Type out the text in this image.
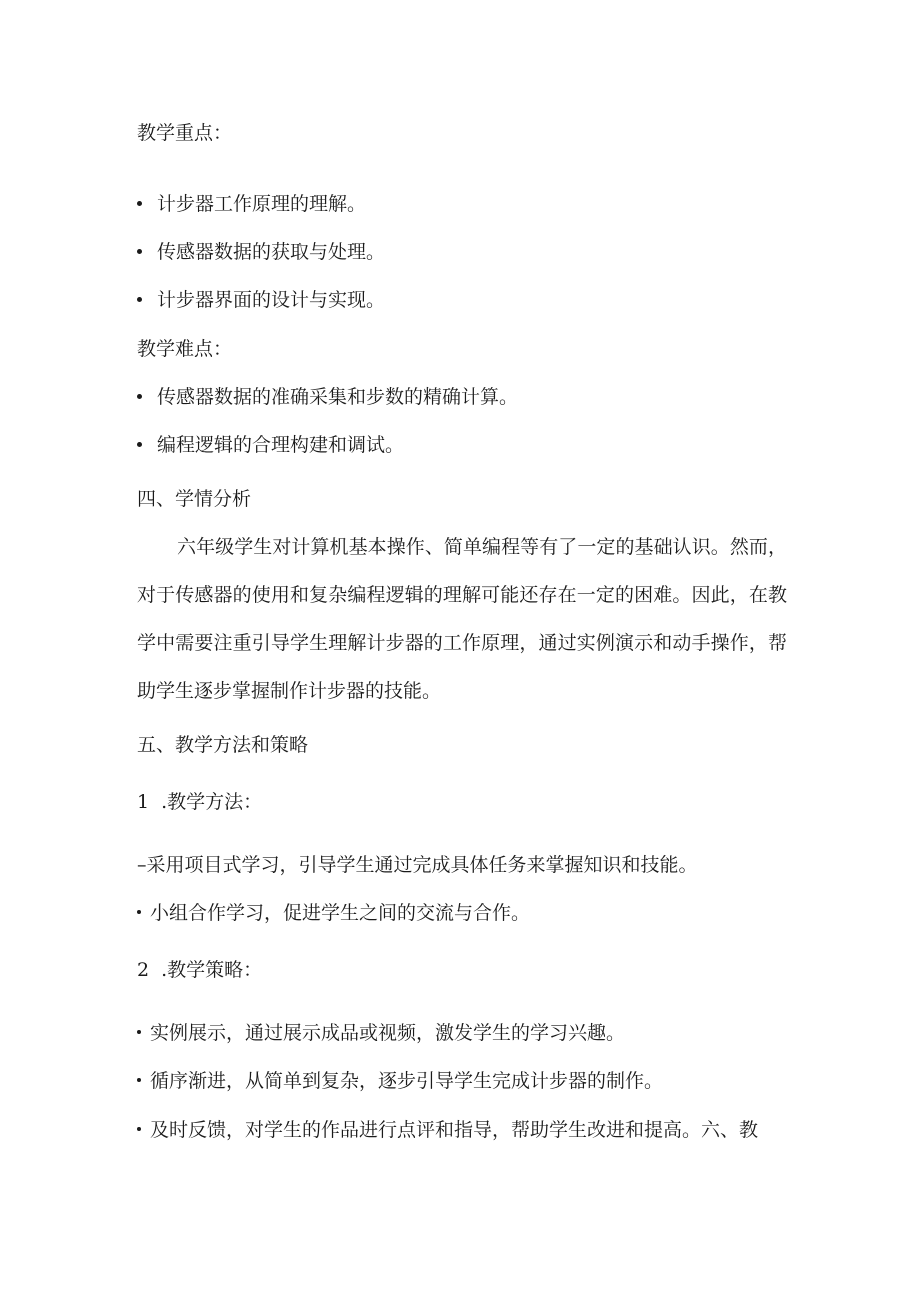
教学重点：
计步器工作原理的理解。
传感器数据的获取与处理。
计步器界面的设计与实现。
教学难点：
传感器数据的准确采集和步数的精确计算。
编程逻辑的合理构建和调试。
四、学情分析
六年级学生对计算机基本操作、简单编程等有了一定的基础认识。然而，对于传感器的使用和复杂编程逻辑的理解可能还存在一定的困难。因此，在教学中需要注重引导学生理解计步器的工作原理，通过实例演示和动手操作，帮助学生逐步掌握制作计步器的技能。
五、教学方法和策略
1 .教学方法：
–采用项目式学习，引导学生通过完成具体任务来掌握知识和技能。
小组合作学习，促进学生之间的交流与合作。
2 .教学策略：
实例展示，通过展示成品或视频，激发学生的学习兴趣。
循序渐进，从简单到复杂，逐步引导学生完成计步器的制作。
及时反馈，对学生的作品进行点评和指导，帮助学生改进和提高。六、教
